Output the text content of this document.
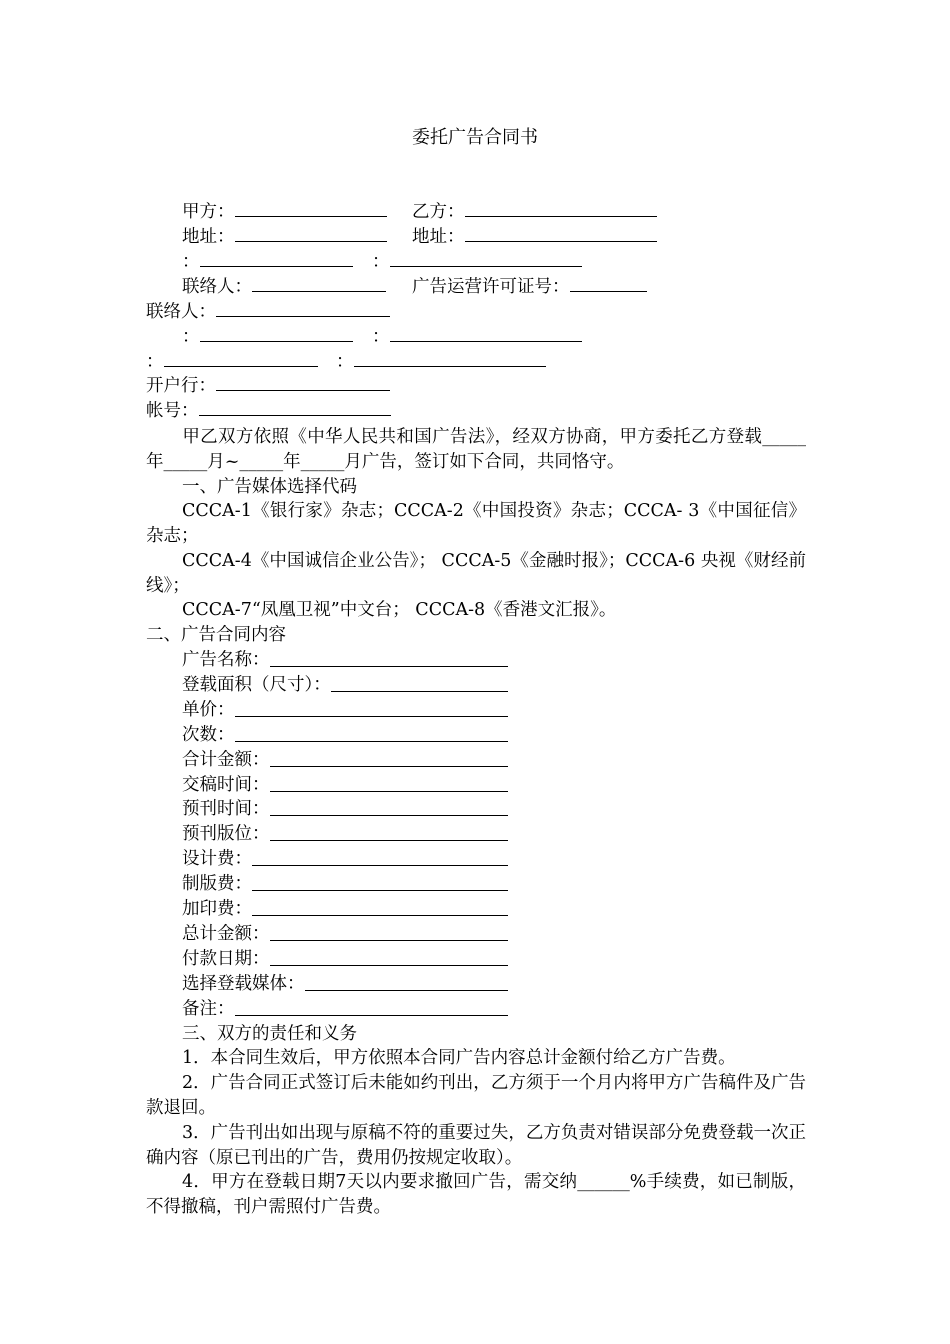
委托广告合同书
甲方：	乙方：
地址：	地址：
：	：
联络人：	广告运营许可证号：
联络人：
：	：
：	：
开户行：
帐号：
甲乙双方依照《中华人民共和国广告法》，经双方协商，甲方委托乙方登载_____年_____月~_____年_____月广告，签订如下合同，共同恪守。
一、广告媒体选择代码
CCCA-1《银行家》杂志；CCCA-2《中国投资》杂志；CCCA- 3《中国征信》杂志；
CCCA-4《中国诚信企业公告》； CCCA-5《金融时报》；CCCA-6 央视《财经前线》；
CCCA-7“凤凰卫视”中文台； CCCA-8《香港文汇报》。
二、广告合同内容
广告名称：
登载面积（尺寸）：
单价：
次数：
合计金额：
交稿时间：
预刊时间：
预刊版位：
设计费：
制版费：
加印费：
总计金额：
付款日期：
选择登载媒体：
备注：
三、双方的责任和义务
1．本合同生效后，甲方依照本合同广告内容总计金额付给乙方广告费。
2．广告合同正式签订后未能如约刊出，乙方须于一个月内将甲方广告稿件及广告款退回。
3．广告刊出如出现与原稿不符的重要过失，乙方负责对错误部分免费登载一次正确内容（原已刊出的广告，费用仍按规定收取）。
4．甲方在登载日期7天以内要求撤回广告，需交纳______%手续费，如已制版，不得撤稿，刊户需照付广告费。
